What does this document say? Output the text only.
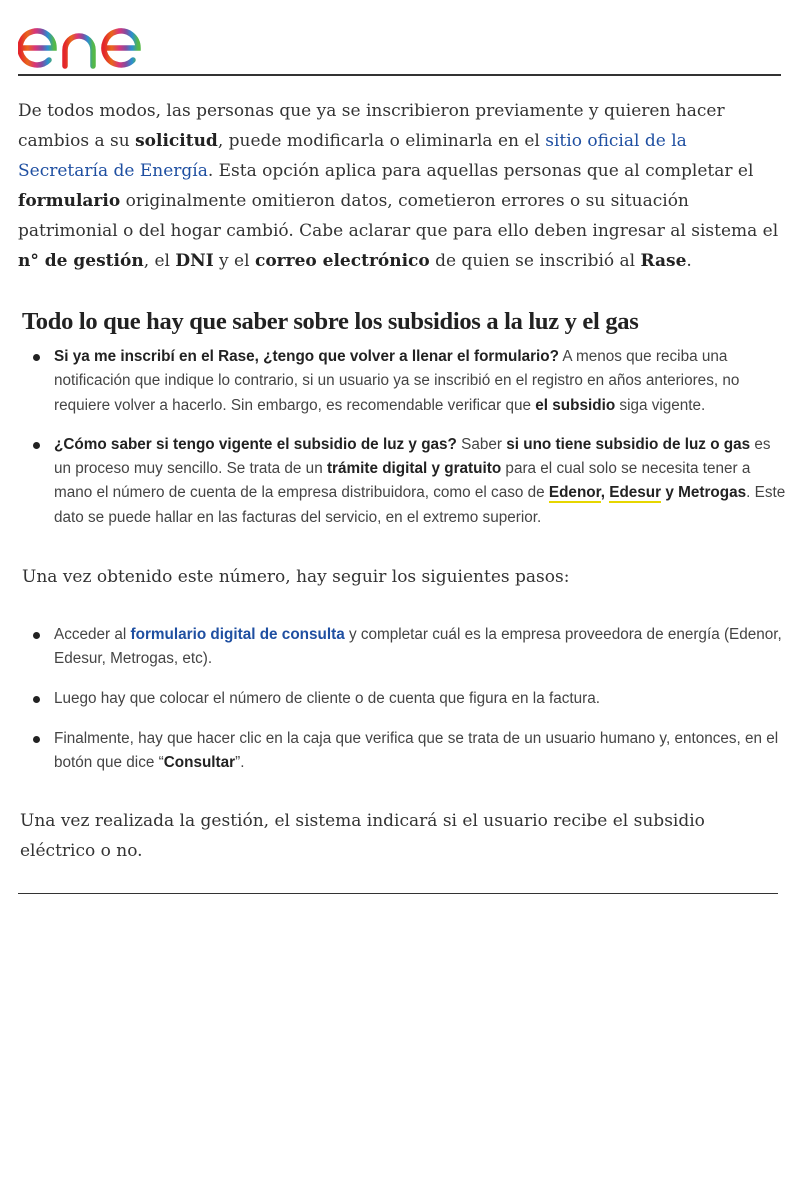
De todos modos, las personas que ya se inscribieron previamente y quieren hacer cambios a su solicitud, puede modificarla o eliminarla en el sitio oficial de la Secretaría de Energía. Esta opción aplica para aquellas personas que al completar el formulario originalmente omitieron datos, cometieron errores o su situación patrimonial o del hogar cambió. Cabe aclarar que para ello deben ingresar al sistema el n° de gestión, el DNI y el correo electrónico de quien se inscribió al Rase.

Todo lo que hay que saber sobre los subsidios a la luz y el gas
Si ya me inscribí en el Rase, ¿tengo que volver a llenar el formulario? A menos que reciba una notificación que indique lo contrario, si un usuario ya se inscribió en el registro en años anteriores, no requiere volver a hacerlo. Sin embargo, es recomendable verificar que el subsidio siga vigente.
¿Cómo saber si tengo vigente el subsidio de luz y gas? Saber si uno tiene subsidio de luz o gas es un proceso muy sencillo. Se trata de un trámite digital y gratuito para el cual solo se necesita tener a mano el número de cuenta de la empresa distribuidora, como el caso de Edenor, Edesur y Metrogas. Este dato se puede hallar en las facturas del servicio, en el extremo superior.

Una vez obtenido este número, hay seguir los siguientes pasos:

Acceder al formulario digital de consulta y completar cuál es la empresa proveedora de energía (Edenor, Edesur, Metrogas, etc).
Luego hay que colocar el número de cliente o de cuenta que figura en la factura.
Finalmente, hay que hacer clic en la caja que verifica que se trata de un usuario humano y, entonces, en el botón que dice “Consultar”.

Una vez realizada la gestión, el sistema indicará si el usuario recibe el subsidio eléctrico o no.
